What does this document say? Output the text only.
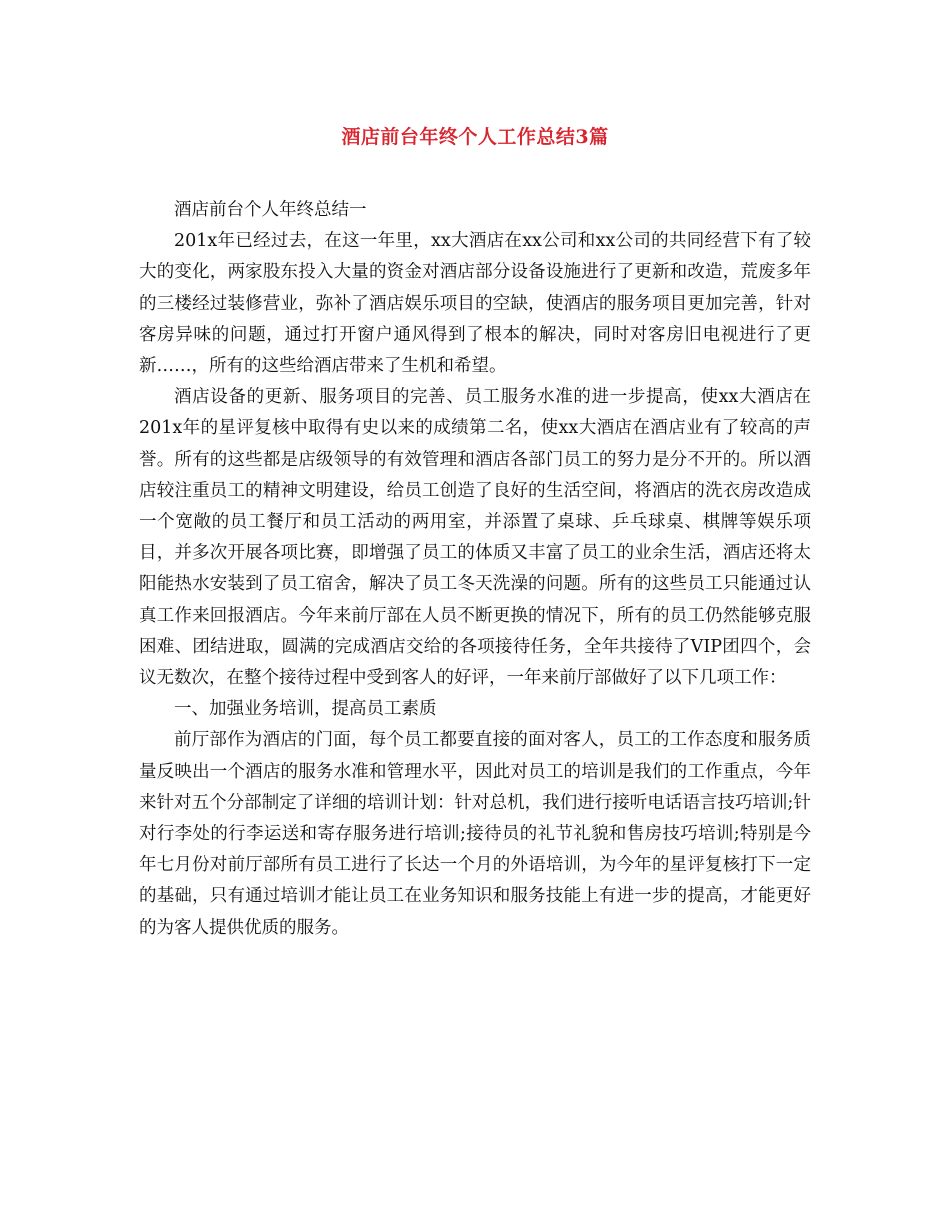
酒店前台年终个人工作总结3篇

酒店前台个人年终总结一

201x年已经过去，在这一年里，xx大酒店在xx公司和xx公司的共同经营下有了较大的变化，两家股东投入大量的资金对酒店部分设备设施进行了更新和改造，荒废多年的三楼经过装修营业，弥补了酒店娱乐项目的空缺，使酒店的服务项目更加完善，针对客房异味的问题，通过打开窗户通风得到了根本的解决，同时对客房旧电视进行了更新……，所有的这些给酒店带来了生机和希望。

酒店设备的更新、服务项目的完善、员工服务水准的进一步提高，使xx大酒店在201x年的星评复核中取得有史以来的成绩第二名，使xx大酒店在酒店业有了较高的声誉。所有的这些都是店级领导的有效管理和酒店各部门员工的努力是分不开的。所以酒店较注重员工的精神文明建设，给员工创造了良好的生活空间，将酒店的洗衣房改造成一个宽敞的员工餐厅和员工活动的两用室，并添置了桌球、乒乓球桌、棋牌等娱乐项目，并多次开展各项比赛，即增强了员工的体质又丰富了员工的业余生活，酒店还将太阳能热水安装到了员工宿舍，解决了员工冬天洗澡的问题。所有的这些员工只能通过认真工作来回报酒店。今年来前厅部在人员不断更换的情况下，所有的员工仍然能够克服困难、团结进取，圆满的完成酒店交给的各项接待任务，全年共接待了VIP团四个，会议无数次，在整个接待过程中受到客人的好评，一年来前厅部做好了以下几项工作：

一、加强业务培训，提高员工素质

前厅部作为酒店的门面，每个员工都要直接的面对客人，员工的工作态度和服务质量反映出一个酒店的服务水准和管理水平，因此对员工的培训是我们的工作重点，今年来针对五个分部制定了详细的培训计划：针对总机，我们进行接听电话语言技巧培训;针对行李处的行李运送和寄存服务进行培训;接待员的礼节礼貌和售房技巧培训;特别是今年七月份对前厅部所有员工进行了长达一个月的外语培训，为今年的星评复核打下一定的基础，只有通过培训才能让员工在业务知识和服务技能上有进一步的提高，才能更好的为客人提供优质的服务。
